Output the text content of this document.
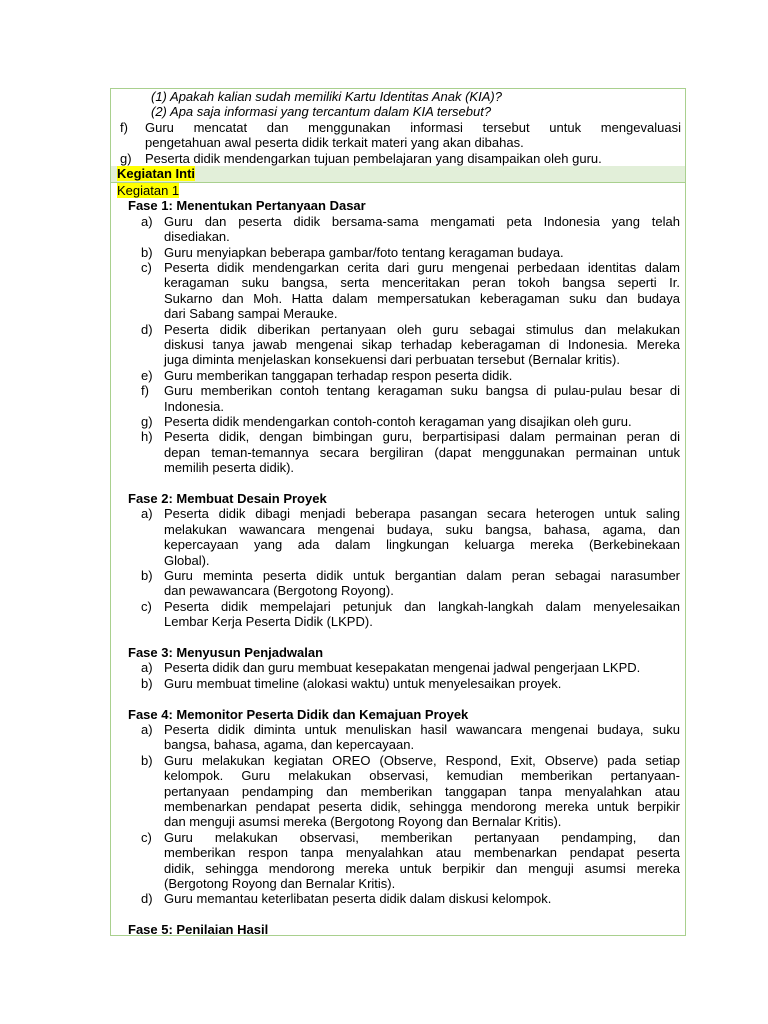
(1) Apakah kalian sudah memiliki Kartu Identitas Anak (KIA)?
(2) Apa saja informasi yang tercantum dalam KIA tersebut?
f) Guru mencatat dan menggunakan informasi tersebut untuk mengevaluasi
pengetahuan awal peserta didik terkait materi yang akan dibahas.
g) Peserta didik mendengarkan tujuan pembelajaran yang disampaikan oleh guru.
Kegiatan Inti
Kegiatan 1
Fase 1: Menentukan Pertanyaan Dasar
a) Guru dan peserta didik bersama-sama mengamati peta Indonesia yang telah
disediakan.
b) Guru menyiapkan beberapa gambar/foto tentang keragaman budaya.
c) Peserta didik mendengarkan cerita dari guru mengenai perbedaan identitas dalam
keragaman suku bangsa, serta menceritakan peran tokoh bangsa seperti Ir.
Sukarno dan Moh. Hatta dalam mempersatukan keberagaman suku dan budaya
dari Sabang sampai Merauke.
d) Peserta didik diberikan pertanyaan oleh guru sebagai stimulus dan melakukan
diskusi tanya jawab mengenai sikap terhadap keberagaman di Indonesia. Mereka
juga diminta menjelaskan konsekuensi dari perbuatan tersebut (Bernalar kritis).
e) Guru memberikan tanggapan terhadap respon peserta didik.
f) Guru memberikan contoh tentang keragaman suku bangsa di pulau-pulau besar di
Indonesia.
g) Peserta didik mendengarkan contoh-contoh keragaman yang disajikan oleh guru.
h) Peserta didik, dengan bimbingan guru, berpartisipasi dalam permainan peran di
depan teman-temannya secara bergiliran (dapat menggunakan permainan untuk
memilih peserta didik).
Fase 2: Membuat Desain Proyek
a) Peserta didik dibagi menjadi beberapa pasangan secara heterogen untuk saling
melakukan wawancara mengenai budaya, suku bangsa, bahasa, agama, dan
kepercayaan yang ada dalam lingkungan keluarga mereka (Berkebinekaan
Global).
b) Guru meminta peserta didik untuk bergantian dalam peran sebagai narasumber
dan pewawancara (Bergotong Royong).
c) Peserta didik mempelajari petunjuk dan langkah-langkah dalam menyelesaikan
Lembar Kerja Peserta Didik (LKPD).
Fase 3: Menyusun Penjadwalan
a) Peserta didik dan guru membuat kesepakatan mengenai jadwal pengerjaan LKPD.
b) Guru membuat timeline (alokasi waktu) untuk menyelesaikan proyek.
Fase 4: Memonitor Peserta Didik dan Kemajuan Proyek
a) Peserta didik diminta untuk menuliskan hasil wawancara mengenai budaya, suku
bangsa, bahasa, agama, dan kepercayaan.
b) Guru melakukan kegiatan OREO (Observe, Respond, Exit, Observe) pada setiap
kelompok. Guru melakukan observasi, kemudian memberikan pertanyaan-
pertanyaan pendamping dan memberikan tanggapan tanpa menyalahkan atau
membenarkan pendapat peserta didik, sehingga mendorong mereka untuk berpikir
dan menguji asumsi mereka (Bergotong Royong dan Bernalar Kritis).
c) Guru melakukan observasi, memberikan pertanyaan pendamping, dan
memberikan respon tanpa menyalahkan atau membenarkan pendapat peserta
didik, sehingga mendorong mereka untuk berpikir dan menguji asumsi mereka
(Bergotong Royong dan Bernalar Kritis).
d) Guru memantau keterlibatan peserta didik dalam diskusi kelompok.
Fase 5: Penilaian Hasil
